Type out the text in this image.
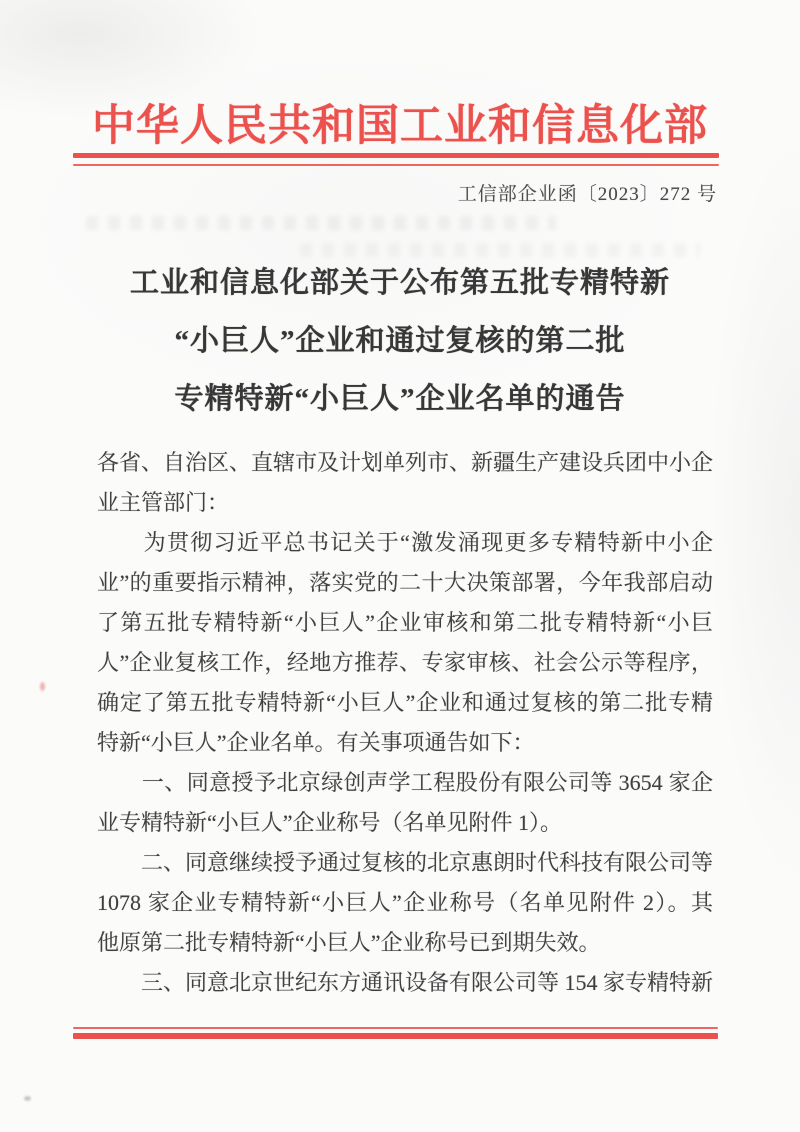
中华人民共和国工业和信息化部
工信部企业函〔2023〕272 号
工业和信息化部关于公布第五批专精特新
“小巨人”企业和通过复核的第二批
专精特新“小巨人”企业名单的通告
各省、自治区、直辖市及计划单列市、新疆生产建设兵团中小企
业主管部门：
　　为贯彻习近平总书记关于“激发涌现更多专精特新中小企
业”的重要指示精神，落实党的二十大决策部署，今年我部启动
了第五批专精特新“小巨人”企业审核和第二批专精特新“小巨
人”企业复核工作，经地方推荐、专家审核、社会公示等程序，
确定了第五批专精特新“小巨人”企业和通过复核的第二批专精
特新“小巨人”企业名单。有关事项通告如下：
　　一、同意授予北京绿创声学工程股份有限公司等 3654 家企
业专精特新“小巨人”企业称号（名单见附件 1）。
　　二、同意继续授予通过复核的北京惠朗时代科技有限公司等
1078 家企业专精特新“小巨人”企业称号（名单见附件 2）。其
他原第二批专精特新“小巨人”企业称号已到期失效。
　　三、同意北京世纪东方通讯设备有限公司等 154 家专精特新
